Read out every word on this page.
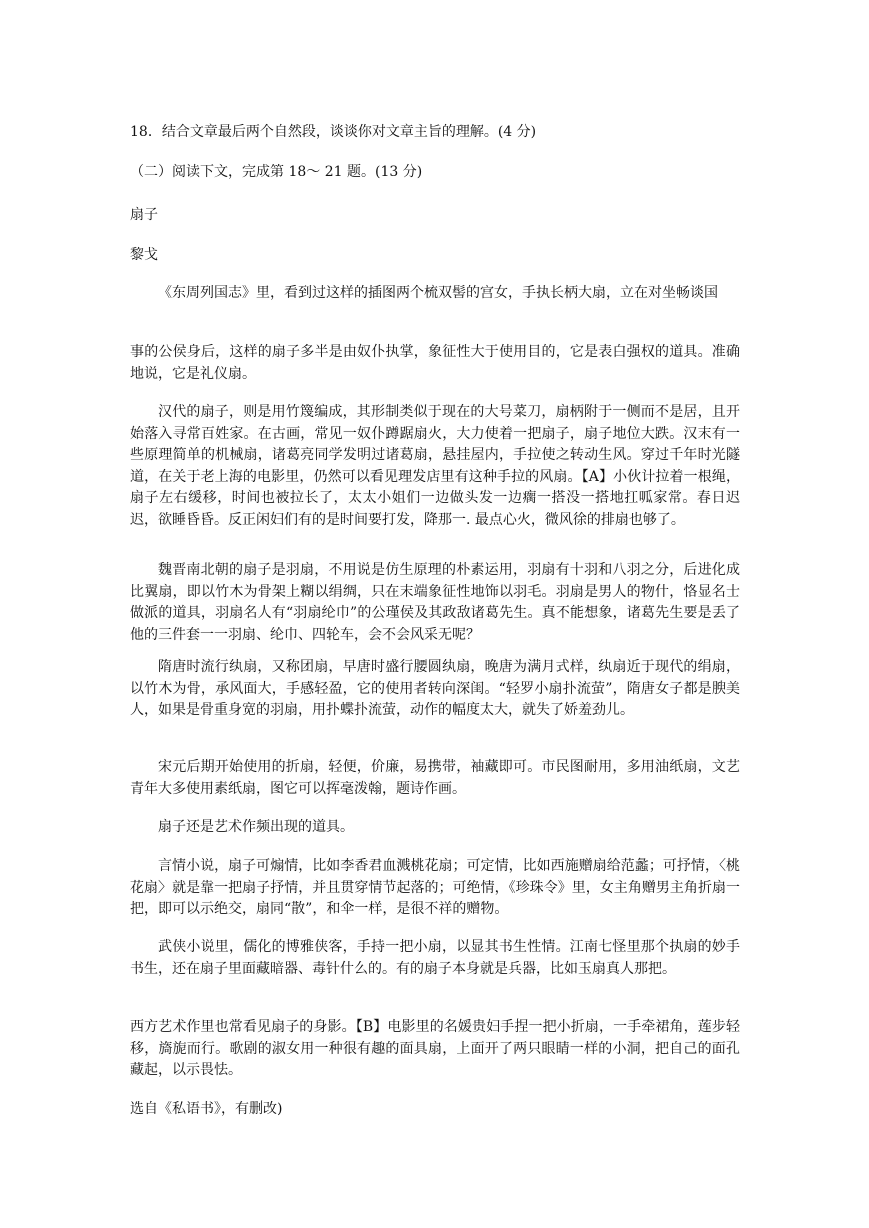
18．结合文章最后两个自然段，谈谈你对文章主旨的理解。(4 分)
（二）阅读下文，完成第 18～ 21 题。(13 分)
扇子
黎戈

《东周列国志》里，看到过这样的插图两个梳双髻的宫女，手执长柄大扇，立在对坐畅谈国

事的公侯身后，这样的扇子多半是由奴仆执掌，象征性大于使用目的，它是表白强权的道具。准确地说，它是礼仪扇。

汉代的扇子，则是用竹篾编成，其形制类似于现在的大号菜刀，扇柄附于一侧而不是居，且开始落入寻常百姓家。在古画，常见一奴仆蹲踞扇火，大力使着一把扇子，扇子地位大跌。汉末有一些原理简单的机械扇，诸葛亮同学发明过诸葛扇，悬挂屋内，手拉使之转动生风。穿过千年时光隧道，在关于老上海的电影里，仍然可以看见理发店里有这种手拉的风扇。【A】小伙计拉着一根绳，扇子左右缓移，时间也被拉长了，太太小姐们一边做头发一边瘸一搭没一搭地扛呱家常。春日迟迟，欲睡昏昏。反正闲妇们有的是时间要打发，降那一. 最点心火，微风徐的排扇也够了。

魏晋南北朝的扇子是羽扇，不用说是仿生原理的朴素运用，羽扇有十羽和八羽之分，后进化成比翼扇，即以竹木为骨架上糊以绢绸，只在末端象征性地饰以羽毛。羽扇是男人的物什，恪显名士做派的道具，羽扇名人有“羽扇纶巾”的公瑾侯及其政敌诸葛先生。真不能想象，诸葛先生要是丢了他的三件套一一羽扇、纶巾、四轮车，会不会风采无呢？

隋唐时流行纨扇，又称团扇，早唐时盛行腰圆纨扇，晚唐为满月式样，纨扇近于现代的绢扇，以竹木为骨，承风面大，手感轻盈，它的使用者转向深闺。“轻罗小扇扑流萤”，隋唐女子都是腴美人，如果是骨重身宽的羽扇，用扑蝶扑流萤，动作的幅度太大，就失了娇羞劲儿。

宋元后期开始使用的折扇，轻便，价廉，易携带，袖藏即可。市民图耐用，多用油纸扇，文艺青年大多使用素纸扇，图它可以挥毫泼翰，题诗作画。

扇子还是艺术作频出现的道具。

言情小说，扇子可煽情，比如李香君血溅桃花扇；可定情，比如西施赠扇给范蠡；可抒情，〈桃花扇〉就是靠一把扇子抒情，并且贯穿情节起落的；可绝情，《珍珠令》里，女主角赠男主角折扇一把，即可以示绝交，扇同“散”，和伞一样，是很不祥的赠物。

武侠小说里，儒化的博雅侠客，手持一把小扇，以显其书生性情。江南七怪里那个执扇的妙手书生，还在扇子里面藏暗器、毒针什么的。有的扇子本身就是兵器，比如玉扇真人那把。

西方艺术作里也常看见扇子的身影。【B】电影里的名媛贵妇手捏一把小折扇，一手牵裙角，莲步轻移，旖旎而行。歌剧的淑女用一种很有趣的面具扇，上面开了两只眼睛一样的小洞，把自己的面孔藏起，以示畏怯。

选自《私语书》，有删改)
